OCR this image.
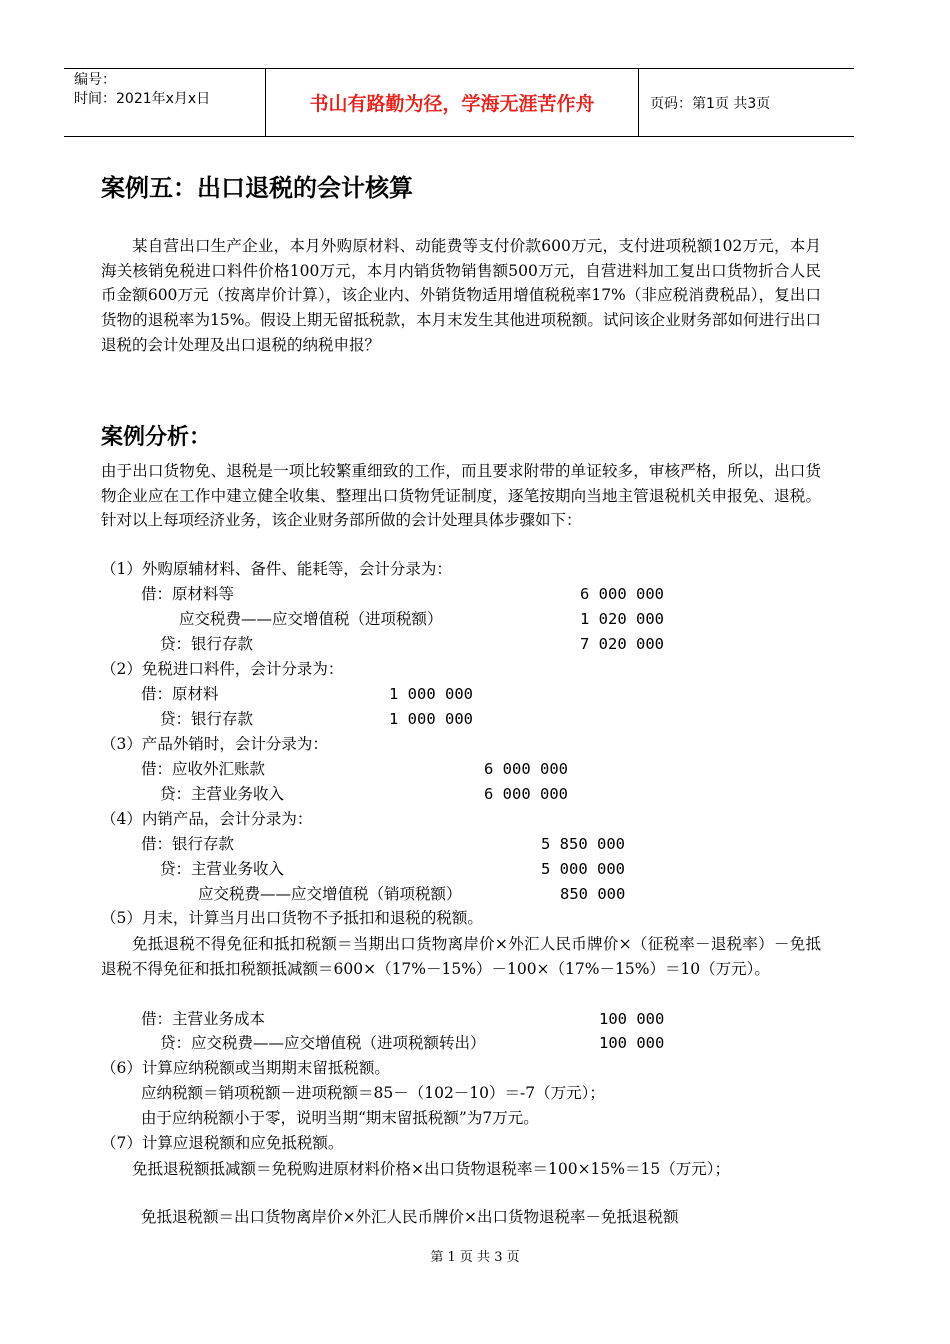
编号：
时间：2021年x月x日	书山有路勤为径，学海无涯苦作舟	页码：第1页 共3页
案例五：出口退税的会计核算
某自营出口生产企业，本月外购原材料、动能费等支付价款600万元，支付进项税额102万元，本月海关核销免税进口料件价格100万元，本月内销货物销售额500万元，自营进料加工复出口货物折合人民币金额600万元（按离岸价计算），该企业内、外销货物适用增值税税率17%（非应税消费税品），复出口货物的退税率为15%。假设上期无留抵税款，本月末发生其他进项税额。试问该企业财务部如何进行出口退税的会计处理及出口退税的纳税申报？
案例分析：
由于出口货物免、退税是一项比较繁重细致的工作，而且要求附带的单证较多，审核严格，所以，出口货物企业应在工作中建立健全收集、整理出口货物凭证制度，逐笔按期向当地主管退税机关申报免、退税。针对以上每项经济业务，该企业财务部所做的会计处理具体步骤如下：
（1）外购原辅材料、备件、能耗等，会计分录为：
借：原材料等	6 000 000
应交税费——应交增值税（进项税额）	1 020 000
贷：银行存款	7 020 000
（2）免税进口料件，会计分录为：
借：原材料	1 000 000
贷：银行存款	1 000 000
（3）产品外销时，会计分录为：
借：应收外汇账款	6 000 000
贷：主营业务收入	6 000 000
（4）内销产品，会计分录为：
借：银行存款	5 850 000
贷：主营业务收入	5 000 000
应交税费——应交增值税（销项税额）	850 000
（5）月末，计算当月出口货物不予抵扣和退税的税额。
免抵退税不得免征和抵扣税额＝当期出口货物离岸价×外汇人民币牌价×（征税率－退税率）－免抵退税不得免征和抵扣税额抵减额＝600×（17%－15%）－100×（17%－15%）＝10（万元）。
借：主营业务成本	100 000
贷：应交税费——应交增值税（进项税额转出）	100 000
（6）计算应纳税额或当期期末留抵税额。
应纳税额＝销项税额－进项税额＝85－（102－10）＝-7（万元）；
由于应纳税额小于零，说明当期“期末留抵税额”为7万元。
（7）计算应退税额和应免抵税额。
免抵退税额抵减额＝免税购进原材料价格×出口货物退税率＝100×15%＝15（万元）；
免抵退税额＝出口货物离岸价×外汇人民币牌价×出口货物退税率－免抵退税额
第 1 页 共 3 页
